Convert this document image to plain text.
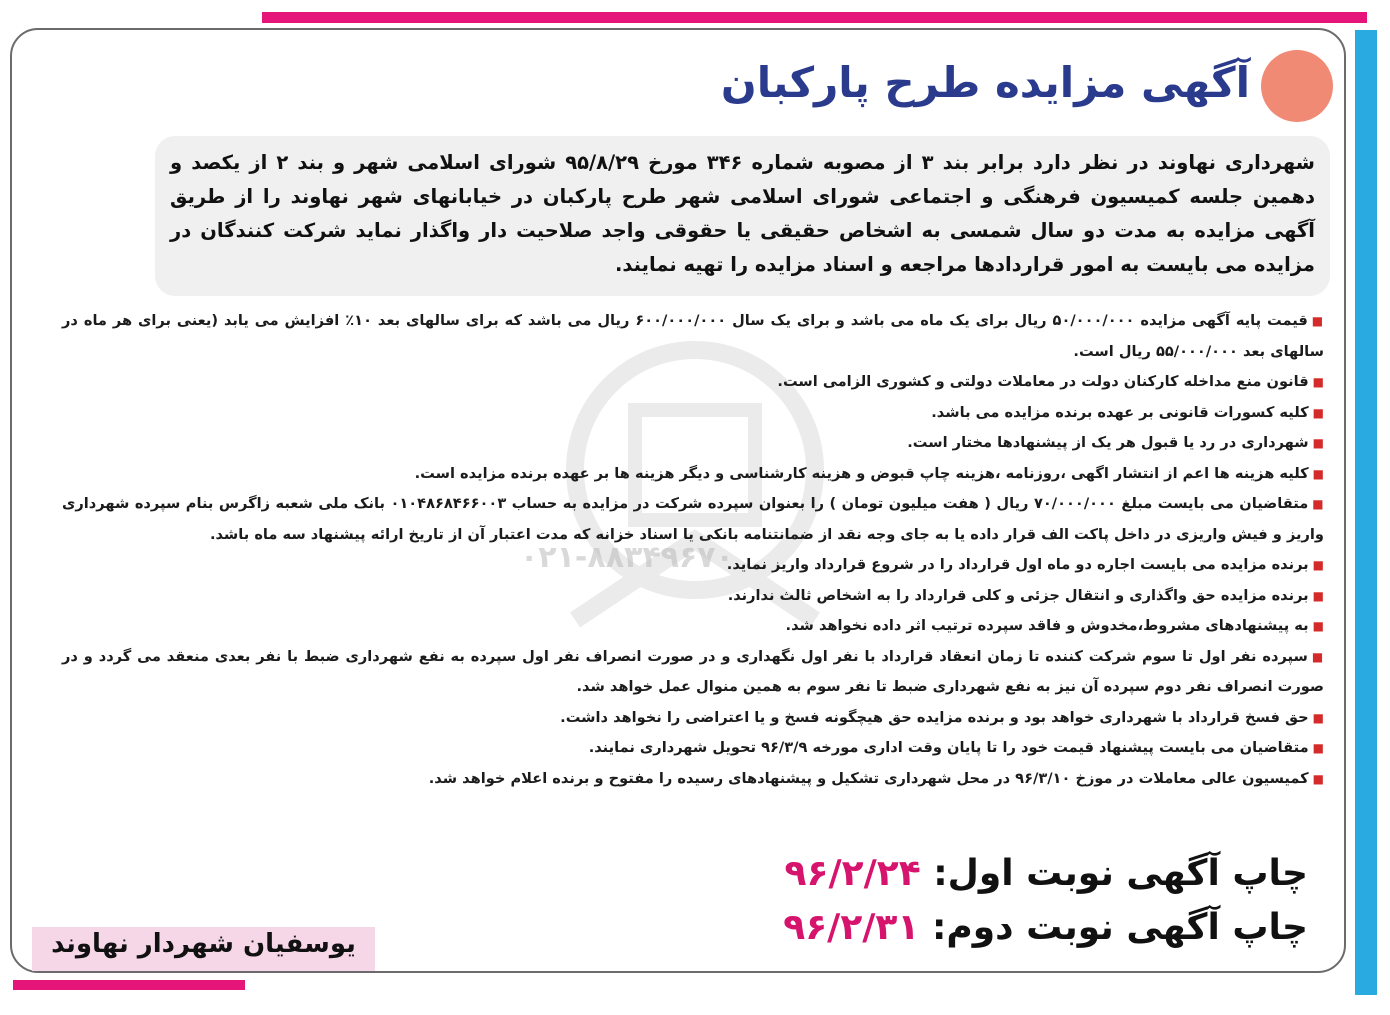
آگهی مزایده طرح پارکبان
شهرداری نهاوند در نظر دارد برابر بند ۳ از مصوبه شماره ۳۴۶ مورخ ۹۵/۸/۲۹ شورای اسلامی شهر و بند ۲ از یکصد و دهمین جلسه کمیسیون فرهنگی و اجتماعی شورای اسلامی شهر طرح پارکبان در خیابانهای شهر نهاوند را از طریق آگهی مزایده به مدت دو سال شمسی به اشخاص حقیقی یا حقوقی واجد صلاحیت دار واگذار نماید شرکت کنندگان در مزایده می بایست به امور قراردادها مراجعه و اسناد مزایده را تهیه نمایند.
۰۲۱-۸۸۳۴۹۶۷۰
■قیمت پایه آگهی مزایده ۵۰/۰۰۰/۰۰۰ ریال برای یک ماه می باشد و برای یک سال ۶۰۰/۰۰۰/۰۰۰ ریال می باشد که برای سالهای بعد ۱۰٪ افزایش می یابد (یعنی برای هر ماه در سالهای بعد ۵۵/۰۰۰/۰۰۰ ریال است.
■قانون منع مداخله کارکنان دولت در معاملات دولتی و کشوری الزامی است.
■کلیه کسورات قانونی بر عهده برنده مزایده می باشد.
■شهرداری در رد یا قبول هر یک از پیشنهادها مختار است.
■کلیه هزینه ها اعم از انتشار اگهی ،روزنامه ،هزینه چاپ قبوض و هزینه کارشناسی و دیگر هزینه ها بر عهده برنده مزایده است.
■متقاضیان می بایست مبلغ ۷۰/۰۰۰/۰۰۰ ریال ( هفت میلیون تومان ) را بعنوان سپرده شرکت در مزایده به حساب ۰۱۰۴۸۶۸۴۶۶۰۰۳ بانک ملی شعبه زاگرس بنام سپرده شهرداری واریز و فیش واریزی در داخل پاکت الف قرار داده یا به جای وجه نقد از ضمانتنامه بانکی یا اسناد خزانه که مدت اعتبار آن از تاریخ ارائه پیشنهاد سه ماه باشد.
■برنده مزایده می بایست اجاره دو ماه اول قرارداد را در شروع قرارداد واریز نماید.
■برنده مزایده حق واگذاری و انتقال جزئی و کلی قرارداد را به اشخاص ثالث ندارند.
■به پیشنهادهای مشروط،مخدوش و فاقد سپرده ترتیب اثر داده نخواهد شد.
■سپرده نفر اول تا سوم شرکت کننده تا زمان انعقاد قرارداد با نفر اول نگهداری و در صورت انصراف نفر اول سپرده به نفع شهرداری ضبط با نفر بعدی منعقد می گردد و در صورت انصراف نفر دوم سپرده آن نیز به نفع شهرداری ضبط تا نفر سوم به همین منوال عمل خواهد شد.
■حق فسخ قرارداد با شهرداری خواهد بود و برنده مزایده حق هیچگونه فسخ و یا اعتراضی را نخواهد داشت.
■متقاضیان می بایست پیشنهاد قیمت خود را تا پایان وقت اداری مورخه ۹۶/۳/۹ تحویل شهرداری نمایند.
■کمیسیون عالی معاملات در موزخ ۹۶/۳/۱۰ در محل شهرداری تشکیل و پیشنهادهای رسیده را مفتوح و برنده اعلام خواهد شد.
چاپ آگهی نوبت اول: ۹۶/۲/۲۴
چاپ آگهی نوبت دوم: ۹۶/۲/۳۱
یوسفیان شهردار نهاوند
